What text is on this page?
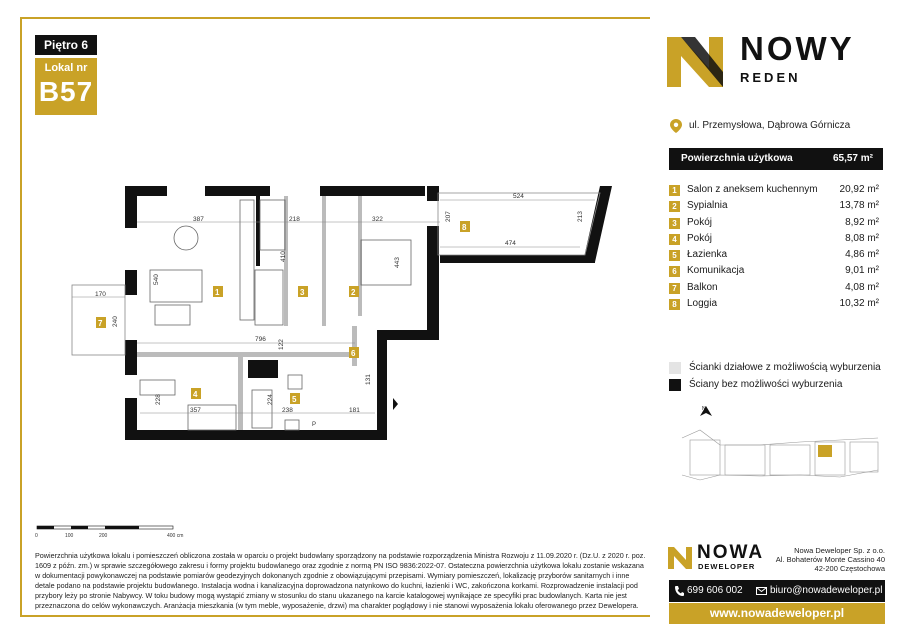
Piętro 6
Lokal nr
B57
387	218	322
540
443
170
240
524
474
207	213
796 122
228
357
224
238	181
131
410
1	2
3
4
5
6
7
8
P
0	100	200	400 cm

Powierzchnia użytkowa lokalu i pomieszczeń obliczona została w oparciu o projekt budowlany sporządzony na podstawie rozporządzenia Ministra Rozwoju z 11.09.2020 r. (Dz.U. z 2020 r. poz. 1609 z późn. zm.) w sprawie szczegółowego zakresu i formy projektu budowlanego oraz zgodnie z normą PN ISO 9836:2022-07. Ostateczna powierzchnia użytkowa lokalu zostanie wskazana w dokumentacji powykonawczej na podstawie pomiarów geodezyjnych dokonanych zgodnie z obowiązującymi przepisami. Wymiary pomieszczeń, lokalizację przyborów sanitarnych i inne detale podano na podstawie projektu budowlanego. Instalacja wodna i kanalizacyjna doprowadzona natynkowo do kuchni, łazienki i WC, zakończona korkami. Rozprowadzenie instalacji pod przybory leży po stronie Nabywcy. W toku budowy mogą wystąpić zmiany w stosunku do stanu ukazanego na karcie katalogowej wynikające ze specyfiki prac budowlanych. Karta nie jest przeznaczona do celów wykonawczych. Aranżacja mieszkania (w tym meble, wyposażenie, drzwi) ma charakter poglądowy i nie stanowi wyposażenia lokalu oferowanego przez Dewelopera.

NOWY
REDEN
ul. Przemysłowa, Dąbrowa Górnicza
Powierzchnia użytkowa	65,57 m²
1	Salon z aneksem kuchennym 20,92 m²
2	Sypialnia	13,78 m²
3	Pokój	8,92 m²
4	Pokój	8,08 m²
5	Łazienka	4,86 m²
6	Komunikacja	9,01 m²
7	Balkon	4,08 m²
8	Loggia	10,32 m²
Ścianki działowe z możliwością wyburzenia
Ściany bez możliwości wyburzenia
N
NOWA
DEWELOPER
Nowa Deweloper Sp. z o.o.
Al. Bohaterów Monte Cassino 40
42-200 Częstochowa
699 606 002	biuro@nowadeweloper.pl
www.nowadeweloper.pl
